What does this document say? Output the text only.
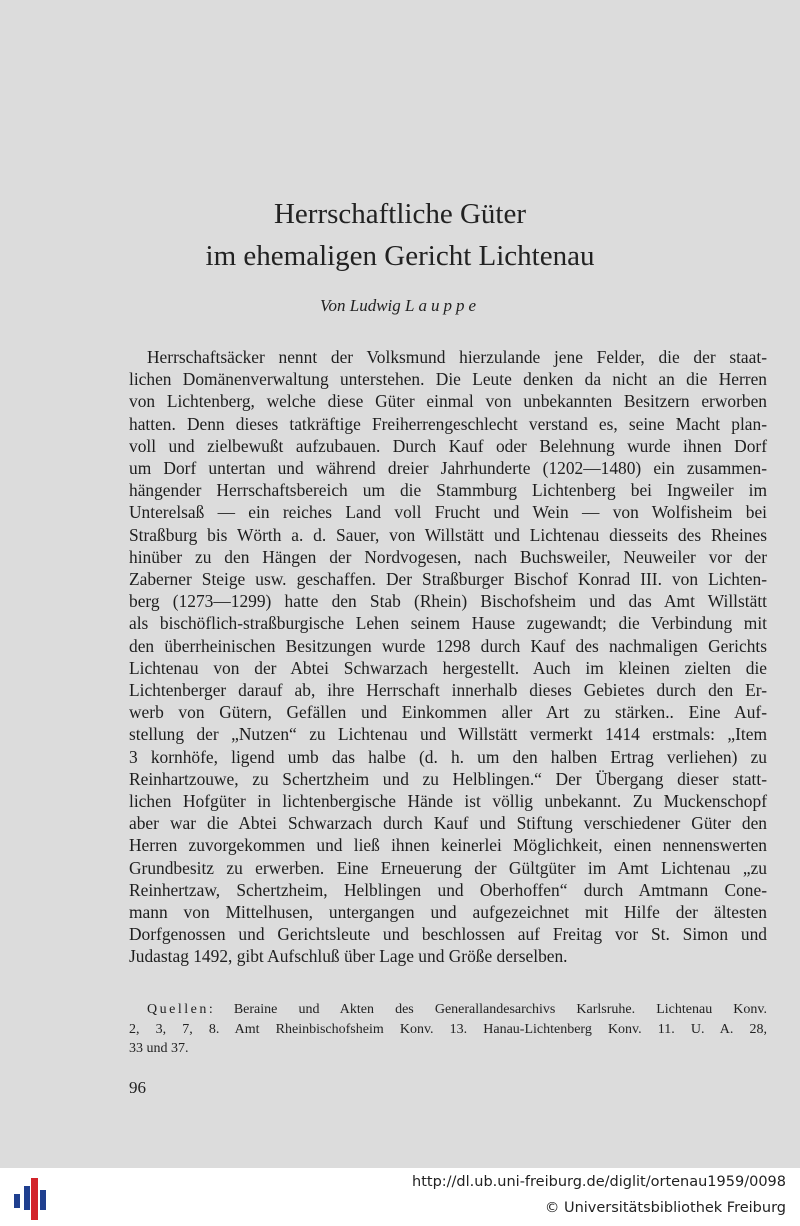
Herrschaftliche Güter
im ehemaligen Gericht Lichtenau
Von Ludwig Lauppe
Herrschaftsäcker nennt der Volksmund hierzulande jene Felder, die der staat-
lichen Domänenverwaltung unterstehen. Die Leute denken da nicht an die Herren
von Lichtenberg, welche diese Güter einmal von unbekannten Besitzern erworben
hatten. Denn dieses tatkräftige Freiherrengeschlecht verstand es, seine Macht plan-
voll und zielbewußt aufzubauen. Durch Kauf oder Belehnung wurde ihnen Dorf
um Dorf untertan und während dreier Jahrhunderte (1202—1480) ein zusammen-
hängender Herrschaftsbereich um die Stammburg Lichtenberg bei Ingweiler im
Unterelsaß — ein reiches Land voll Frucht und Wein — von Wolfisheim bei
Straßburg bis Wörth a. d. Sauer, von Willstätt und Lichtenau diesseits des Rheines
hinüber zu den Hängen der Nordvogesen, nach Buchsweiler, Neuweiler vor der
Zaberner Steige usw. geschaffen. Der Straßburger Bischof Konrad III. von Lichten-
berg (1273—1299) hatte den Stab (Rhein) Bischofsheim und das Amt Willstätt
als bischöflich-straßburgische Lehen seinem Hause zugewandt; die Verbindung mit
den überrheinischen Besitzungen wurde 1298 durch Kauf des nachmaligen Gerichts
Lichtenau von der Abtei Schwarzach hergestellt. Auch im kleinen zielten die
Lichtenberger darauf ab, ihre Herrschaft innerhalb dieses Gebietes durch den Er-
werb von Gütern, Gefällen und Einkommen aller Art zu stärken.. Eine Auf-
stellung der „Nutzen“ zu Lichtenau und Willstätt vermerkt 1414 erstmals: „Item
3 kornhöfe, ligend umb das halbe (d. h. um den halben Ertrag verliehen) zu
Reinhartzouwe, zu Schertzheim und zu Helblingen.“ Der Übergang dieser statt-
lichen Hofgüter in lichtenbergische Hände ist völlig unbekannt. Zu Muckenschopf
aber war die Abtei Schwarzach durch Kauf und Stiftung verschiedener Güter den
Herren zuvorgekommen und ließ ihnen keinerlei Möglichkeit, einen nennenswerten
Grundbesitz zu erwerben. Eine Erneuerung der Gültgüter im Amt Lichtenau „zu
Reinhertzaw, Schertzheim, Helblingen und Oberhoffen“ durch Amtmann Cone-
mann von Mittelhusen, untergangen und aufgezeichnet mit Hilfe der ältesten
Dorfgenossen und Gerichtsleute und beschlossen auf Freitag vor St. Simon und
Judastag 1492, gibt Aufschluß über Lage und Größe derselben.
Quellen: Beraine und Akten des Generallandesarchivs Karlsruhe. Lichtenau Konv.
2, 3, 7, 8. Amt Rheinbischofsheim Konv. 13. Hanau-Lichtenberg Konv. 11. U. A. 28,
33 und 37.
96
http://dl.ub.uni-freiburg.de/diglit/ortenau1959/0098
© Universitätsbibliothek Freiburg
